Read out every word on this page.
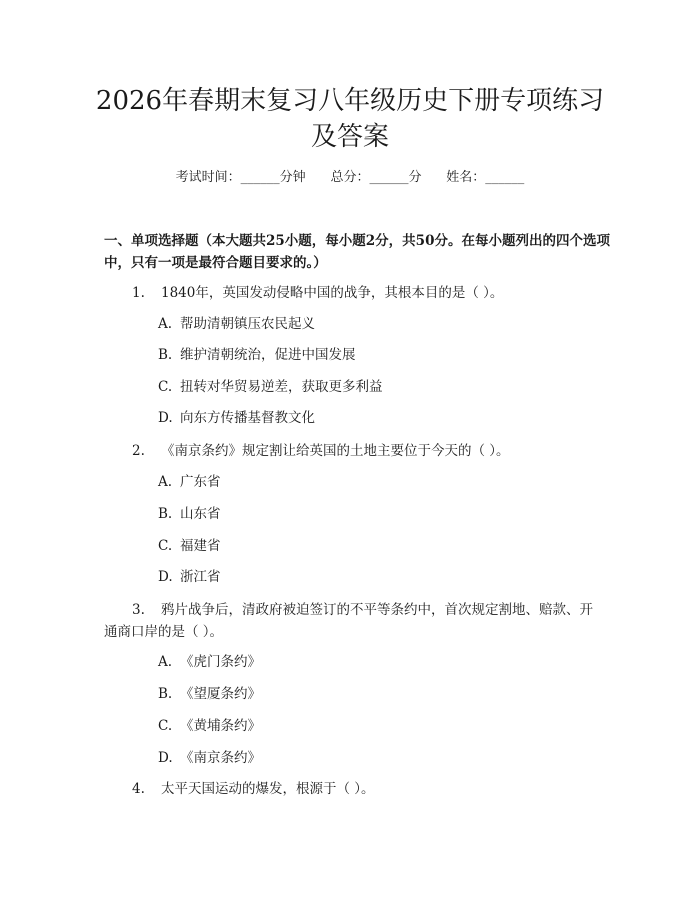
2026年春期末复习八年级历史下册专项练习
及答案
考试时间：______分钟 总分：______分 姓名：______
一、单项选择题（本大题共25小题，每小题2分，共50分。在每小题列出的四个选项中，只有一项是最符合题目要求的。）
1.	1840年，英国发动侵略中国的战争，其根本目的是（ ）。
A. 帮助清朝镇压农民起义
B. 维护清朝统治，促进中国发展
C. 扭转对华贸易逆差，获取更多利益
D. 向东方传播基督教文化
2.	《南京条约》规定割让给英国的土地主要位于今天的（ ）。
A. 广东省
B. 山东省
C. 福建省
D. 浙江省
3.	鸦片战争后，清政府被迫签订的不平等条约中，首次规定割地、赔款、开
通商口岸的是（ ）。
A. 《虎门条约》
B. 《望厦条约》
C. 《黄埔条约》
D. 《南京条约》
4.	太平天国运动的爆发，根源于（ ）。
